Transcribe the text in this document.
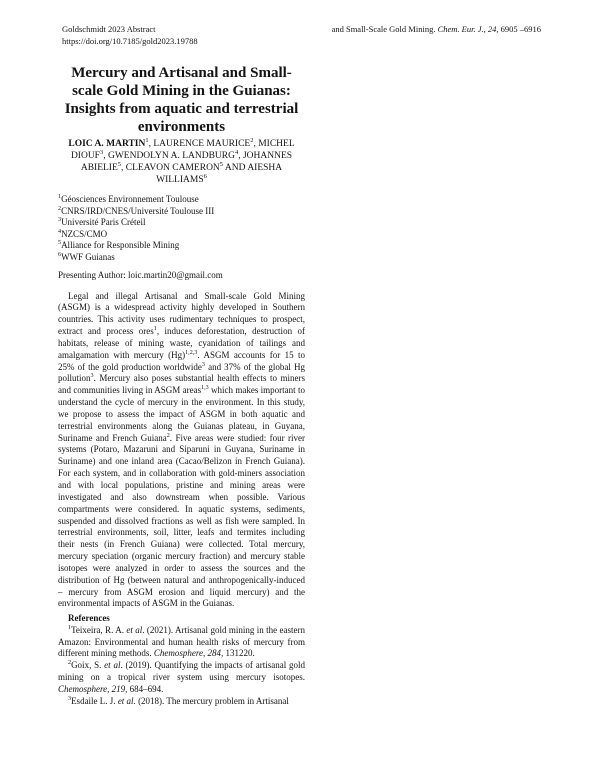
Goldschmidt 2023 Abstract
https://doi.org/10.7185/gold2023.19788
and Small-Scale Gold Mining. Chem. Eur. J., 24, 6905 –6916
Mercury and Artisanal and Small-
scale Gold Mining in the Guianas:
Insights from aquatic and terrestrial
environments
LOIC A. MARTIN$^1$, LAURENCE MAURICE$^2$, MICHEL DIOUF$^3$, GWENDOLYN A. LANDBURG$^4$, JOHANNES ABIELIE$^5$, CLEAVON CAMERON$^5$ AND AIESHA WILLIAMS$^6$
$^1$Géosciences Environnement Toulouse
$^2$CNRS/IRD/CNES/Université Toulouse III
$^3$Université Paris Créteil
$^4$NZCS/CMO
$^5$Alliance for Responsible Mining
$^6$WWF Guianas
Presenting Author: loic.martin20@gmail.com

Legal and illegal Artisanal and Small-scale Gold Mining (ASGM) is a widespread activity highly developed in Southern countries. This activity uses rudimentary techniques to prospect, extract and process ores$^1$, induces deforestation, destruction of habitats, release of mining waste, cyanidation of tailings and amalgamation with mercury $(Hg)^{1,2,3}$. ASGM accounts for 15 to 25% of the gold production worldwide$^3$ and 37% of the global Hg pollution$^3$. Mercury also poses substantial health effects to miners and communities living in ASGM areas$^{1,3}$ which makes important to understand the cycle of mercury in the environment. In this study, we propose to assess the impact of ASGM in both aquatic and terrestrial environments along the Guianas plateau, in Guyana, Suriname and French Guiana$^2$. Five areas were studied: four river systems (Potaro, Mazaruni and Siparuni in Guyana, Suriname in Suriname) and one inland area (Cacao/Belizon in French Guiana). For each system, and in collaboration with gold-miners association and with local populations, pristine and mining areas were investigated and also downstream when possible. Various compartments were considered. In aquatic systems, sediments, suspended and dissolved fractions as well as fish were sampled. In terrestrial environments, soil, litter, leafs and termites including their nests (in French Guiana) were collected. Total mercury, mercury speciation (organic mercury fraction) and mercury stable isotopes were analyzed in order to assess the sources and the distribution of Hg (between natural and anthropogenically-induced – mercury from ASGM erosion and liquid mercury) and the environmental impacts of ASGM in the Guianas.

References

$^1$Teixeira, R. A. et al. (2021). Artisanal gold mining in the eastern Amazon: Environmental and human health risks of mercury from different mining methods. Chemosphere, 284, 131220.

$^2$Goix, S. et al. (2019). Quantifying the impacts of artisanal gold mining on a tropical river system using mercury isotopes. Chemosphere, 219, 684–694.

$^3$Esdaile L. J. et al. (2018). The mercury problem in Artisanal
